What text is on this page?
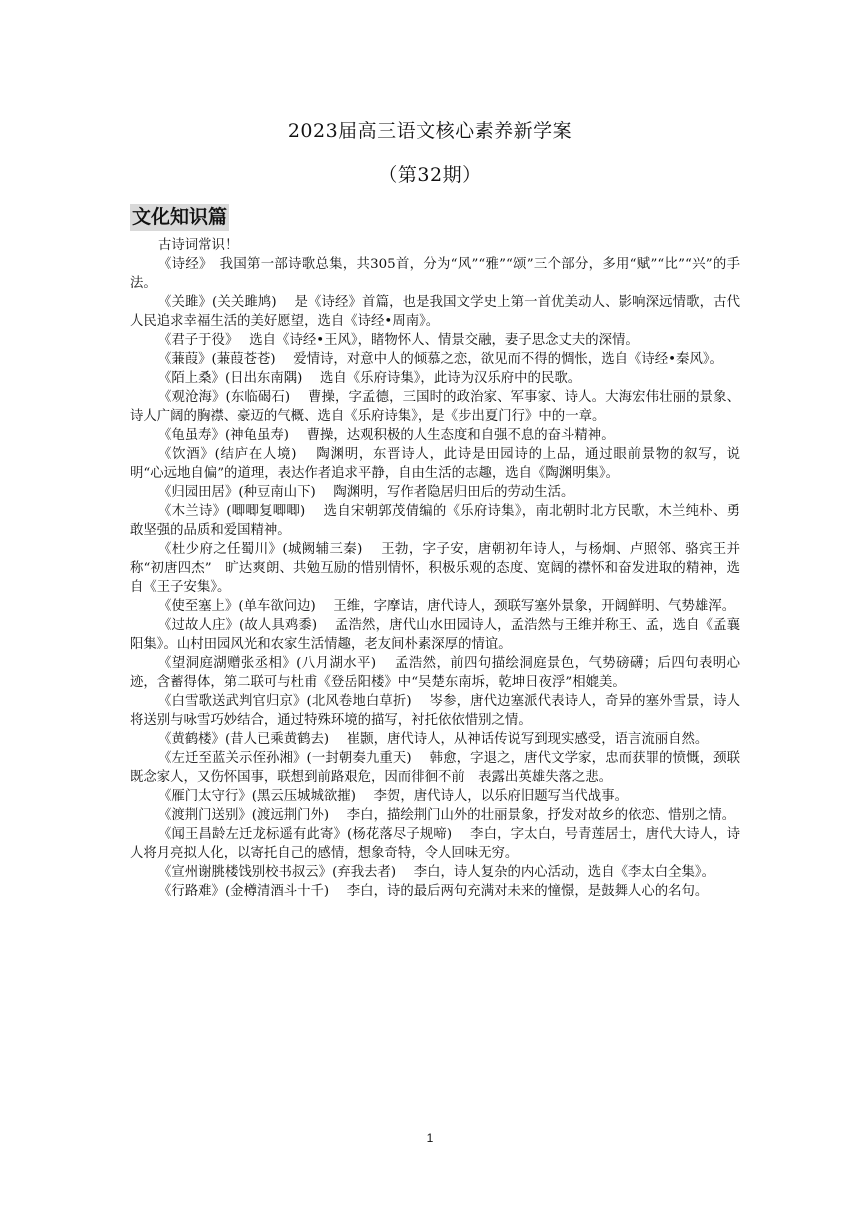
2023届高三语文核心素养新学案
（第32期）
文化知识篇

古诗词常识！

《诗经》　我国第一部诗歌总集，共305首，分为“风”“雅”“颂”三个部分，多用“赋”“比”“兴”的手法。

《关雎》(关关雎鸠)　 是《诗经》首篇，也是我国文学史上第一首优美动人、影响深远情歌，古代人民追求幸福生活的美好愿望，选自《诗经•周南》。

《君子于役》　 选自《诗经•王风》，睹物怀人、情景交融，妻子思念丈夫的深情。

《蒹葭》(蒹葭苍苍)　 爱情诗，对意中人的倾慕之恋，欲见而不得的惆怅，选自《诗经•秦风》。

《陌上桑》(日出东南隅)　 选自《乐府诗集》，此诗为汉乐府中的民歌。

《观沧海》(东临碣石)　 曹操，字孟德，三国时的政治家、军事家、诗人。大海宏伟壮丽的景象、诗人广阔的胸襟、豪迈的气概、选自《乐府诗集》，是《步出夏门行》中的一章。

《龟虽寿》(神龟虽寿)　 曹操，达观积极的人生态度和自强不息的奋斗精神。

《饮酒》(结庐在人境)　 陶渊明，东晋诗人，此诗是田园诗的上品，通过眼前景物的叙写，说明“心远地自偏”的道理，表达作者追求平静，自由生活的志趣，选自《陶渊明集》。

《归园田居》(种豆南山下)　 陶渊明，写作者隐居归田后的劳动生活。

《木兰诗》(唧唧复唧唧)　 选自宋朝郭茂倩编的《乐府诗集》，南北朝时北方民歌，木兰纯朴、勇敢坚强的品质和爱国精神。

《杜少府之任蜀川》(城阙辅三秦)　 王勃，字子安，唐朝初年诗人，与杨炯、卢照邻、骆宾王并称“初唐四杰”　旷达爽朗、共勉互励的惜别情怀，积极乐观的态度、宽阔的襟怀和奋发进取的精神，选自《王子安集》。

《使至塞上》(单车欲问边)　 王维，字摩诘，唐代诗人，颈联写塞外景象，开阔鲜明、气势雄浑。

《过故人庄》(故人具鸡黍)　 孟浩然，唐代山水田园诗人，孟浩然与王维并称王、孟，选自《孟襄阳集》。山村田园风光和农家生活情趣，老友间朴素深厚的情谊。

《望洞庭湖赠张丞相》(八月湖水平)　 孟浩然，前四句描绘洞庭景色，气势磅礴；后四句表明心迹，含蓄得体，第二联可与杜甫《登岳阳楼》中“吴楚东南坼，乾坤日夜浮”相媲美。

《白雪歌送武判官归京》(北风卷地白草折)　 岑参，唐代边塞派代表诗人，奇异的塞外雪景，诗人将送别与咏雪巧妙结合，通过特殊环境的描写，衬托依依惜别之情。

《黄鹤楼》(昔人已乘黄鹤去)　 崔颢，唐代诗人，从神话传说写到现实感受，语言流丽自然。

《左迁至蓝关示侄孙湘》(一封朝奏九重天)　 韩愈，字退之，唐代文学家，忠而获罪的愤慨，颈联既念家人，又伤怀国事，联想到前路艰危，因而徘徊不前　表露出英雄失落之悲。

《雁门太守行》(黑云压城城欲摧)　 李贺，唐代诗人，以乐府旧题写当代战事。

《渡荆门送别》(渡远荆门外)　 李白，描绘荆门山外的壮丽景象，抒发对故乡的依恋、惜别之情。

《闻王昌龄左迁龙标遥有此寄》(杨花落尽子规啼)　 李白，字太白，号青莲居士，唐代大诗人，诗人将月亮拟人化，以寄托自己的感情，想象奇特，令人回味无穷。

《宣州谢朓楼饯别校书叔云》(弃我去者)　 李白，诗人复杂的内心活动，选自《李太白全集》。

《行路难》(金樽清酒斗十千)　 李白，诗的最后两句充满对未来的憧憬，是鼓舞人心的名句。

1
